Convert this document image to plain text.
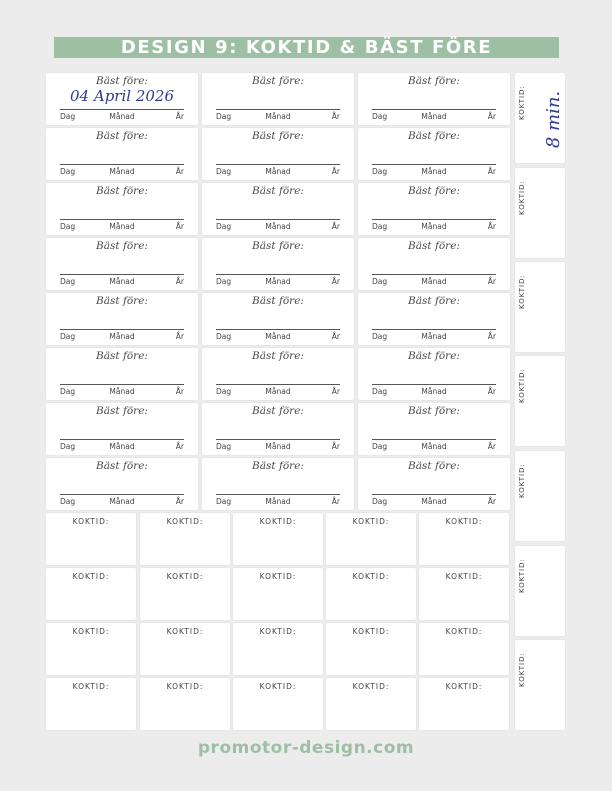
DESIGN 9: KOKTID & BÄST FÖRE
Bäst före:
04 April 2026
Dag	Månad	År
Bäst före:
Dag	Månad	År
Bäst före:
Dag	Månad	År
Bäst före:
Dag	Månad	År
Bäst före:
Dag	Månad	År
Bäst före:
Dag	Månad	År
Bäst före:
Dag	Månad	År
Bäst före:
Dag	Månad	År
Bäst före:
Dag	Månad	År
Bäst före:
Dag	Månad	År
Bäst före:
Dag	Månad	År
Bäst före:
Dag	Månad	År
Bäst före:
Dag	Månad	År
Bäst före:
Dag	Månad	År
Bäst före:
Dag	Månad	År
Bäst före:
Dag	Månad	År
Bäst före:
Dag	Månad	År
Bäst före:
Dag	Månad	År
Bäst före:
Dag	Månad	År
Bäst före:
Dag	Månad	År
Bäst före:
Dag	Månad	År
Bäst före:
Dag	Månad	År
Bäst före:
Dag	Månad	År
Bäst före:
Dag	Månad	År
KOKTID:	KOKTID:	KOKTID:	KOKTID:	KOKTID:
KOKTID:	KOKTID:	KOKTID:	KOKTID:	KOKTID:
KOKTID:	KOKTID:	KOKTID:	KOKTID:	KOKTID:
KOKTID:	KOKTID:	KOKTID:	KOKTID:	KOKTID:
KOKTID: 8 min.
KOKTID:
KOKTID:
KOKTID:
KOKTID:
KOKTID:
KOKTID:
promotor-design.com
